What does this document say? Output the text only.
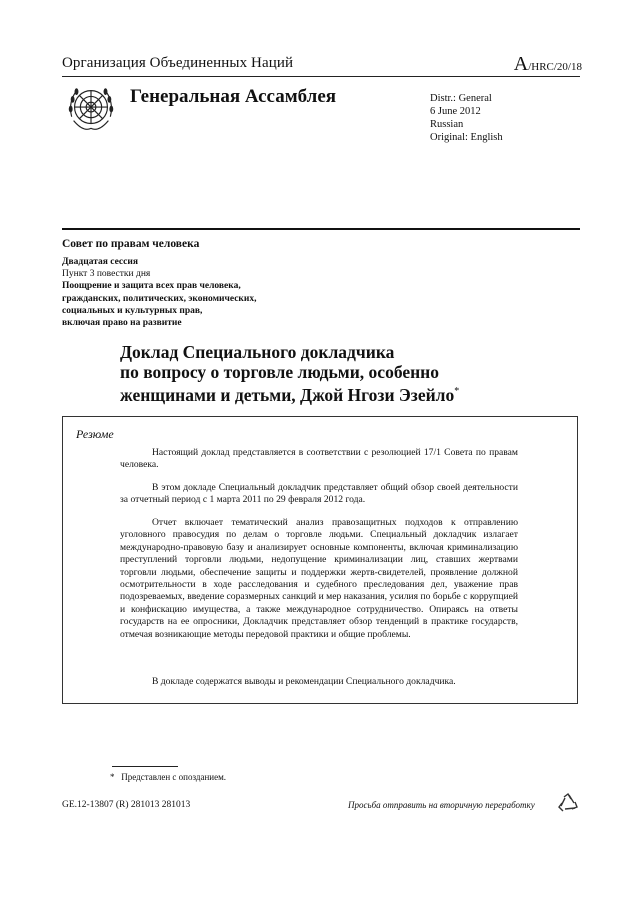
Организация Объединенных Наций	A/HRC/20/18
Генеральная Ассамблея	Distr.: General
6 June 2012
Russian
Original: English
Совет по правам человека
Двадцатая сессия
Пункт 3 повестки дня
Поощрение и защита всех прав человека,
гражданских, политических, экономических,
социальных и культурных прав,
включая право на развитие
Доклад Специального докладчика
по вопросу о торговле людьми, особенно
женщинами и детьми, Джой Нгози Эзейло*
Резюме

Настоящий доклад представляется в соответствии с резолюцией 17/1 Совета по правам человека.

В этом докладе Специальный докладчик представляет общий обзор своей деятельности за отчетный период с 1 марта 2011 по 29 февраля 2012 года.

Отчет включает тематический анализ правозащитных подходов к отправлению уголовного правосудия по делам о торговле людьми. Специальный докладчик излагает международно-правовую базу и анализирует основные компоненты, включая криминализацию преступлений торговли людьми, недопущение криминализации лиц, ставших жертвами торговли людьми, обеспечение защиты и поддержки жертв-свидетелей, проявление должной осмотрительности в ходе расследования и судебного преследования дел, уважение прав подозреваемых, введение соразмерных санкций и мер наказания, усилия по борьбе с коррупцией и конфискацию имущества, а также международное сотрудничество. Опираясь на ответы государств на ее опросники, Докладчик представляет обзор тенденций в практике государств, отмечая возникающие методы передовой практики и общие проблемы.

В докладе содержатся выводы и рекомендации Специального докладчика.

* Представлен с опозданием.
GE.12-13807 (R) 281013 281013	Просьба отправить на вторичную переработку
